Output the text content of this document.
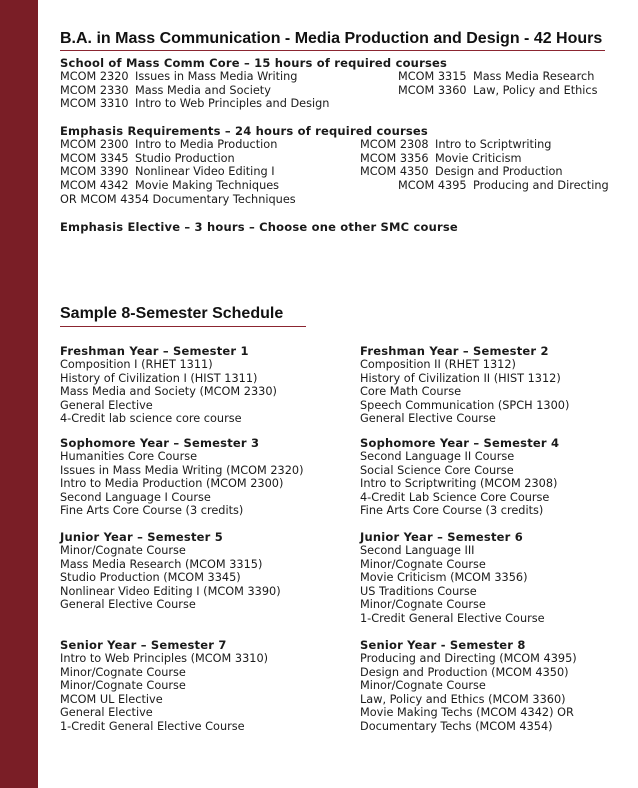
B.A. in Mass Communication - Media Production and Design - 42 Hours
School of Mass Comm Core – 15 hours of required courses
MCOM 2320 Issues in Mass Media Writing
MCOM 2330 Mass Media and Society
MCOM 3310 Intro to Web Principles and Design
MCOM 3315 Mass Media Research
MCOM 3360 Law, Policy and Ethics
Emphasis Requirements – 24 hours of required courses
MCOM 2300 Intro to Media Production
MCOM 3345 Studio Production
MCOM 3390 Nonlinear Video Editing I
MCOM 4342 Movie Making Techniques
MCOM 2308 Intro to Scriptwriting
MCOM 3356 Movie Criticism
MCOM 4350 Design and Production
MCOM 4395 Producing and Directing
OR MCOM 4354 Documentary Techniques
Emphasis Elective – 3 hours – Choose one other SMC course
Sample 8-Semester Schedule
Freshman Year – Semester 1
Composition I (RHET 1311)
History of Civilization I (HIST 1311)
Mass Media and Society (MCOM 2330)
General Elective
4-Credit lab science core course
Freshman Year – Semester 2
Composition II (RHET 1312)
History of Civilization II (HIST 1312)
Core Math Course
Speech Communication (SPCH 1300)
General Elective Course
Sophomore Year – Semester 3
Humanities Core Course
Issues in Mass Media Writing (MCOM 2320)
Intro to Media Production (MCOM 2300)
Second Language I Course
Fine Arts Core Course (3 credits)
Sophomore Year – Semester 4
Second Language II Course
Social Science Core Course
Intro to Scriptwriting (MCOM 2308)
4-Credit Lab Science Core Course
Fine Arts Core Course (3 credits)
Junior Year – Semester 5
Minor/Cognate Course
Mass Media Research (MCOM 3315)
Studio Production (MCOM 3345)
Nonlinear Video Editing I (MCOM 3390)
General Elective Course
Junior Year – Semester 6
Second Language III
Minor/Cognate Course
Movie Criticism (MCOM 3356)
US Traditions Course
Minor/Cognate Course
1-Credit General Elective Course
Senior Year – Semester 7
Intro to Web Principles (MCOM 3310)
Minor/Cognate Course
Minor/Cognate Course
MCOM UL Elective
General Elective
1-Credit General Elective Course
Senior Year - Semester 8
Producing and Directing (MCOM 4395)
Design and Production (MCOM 4350)
Minor/Cognate Course
Law, Policy and Ethics (MCOM 3360)
Movie Making Techs (MCOM 4342) OR
Documentary Techs (MCOM 4354)
